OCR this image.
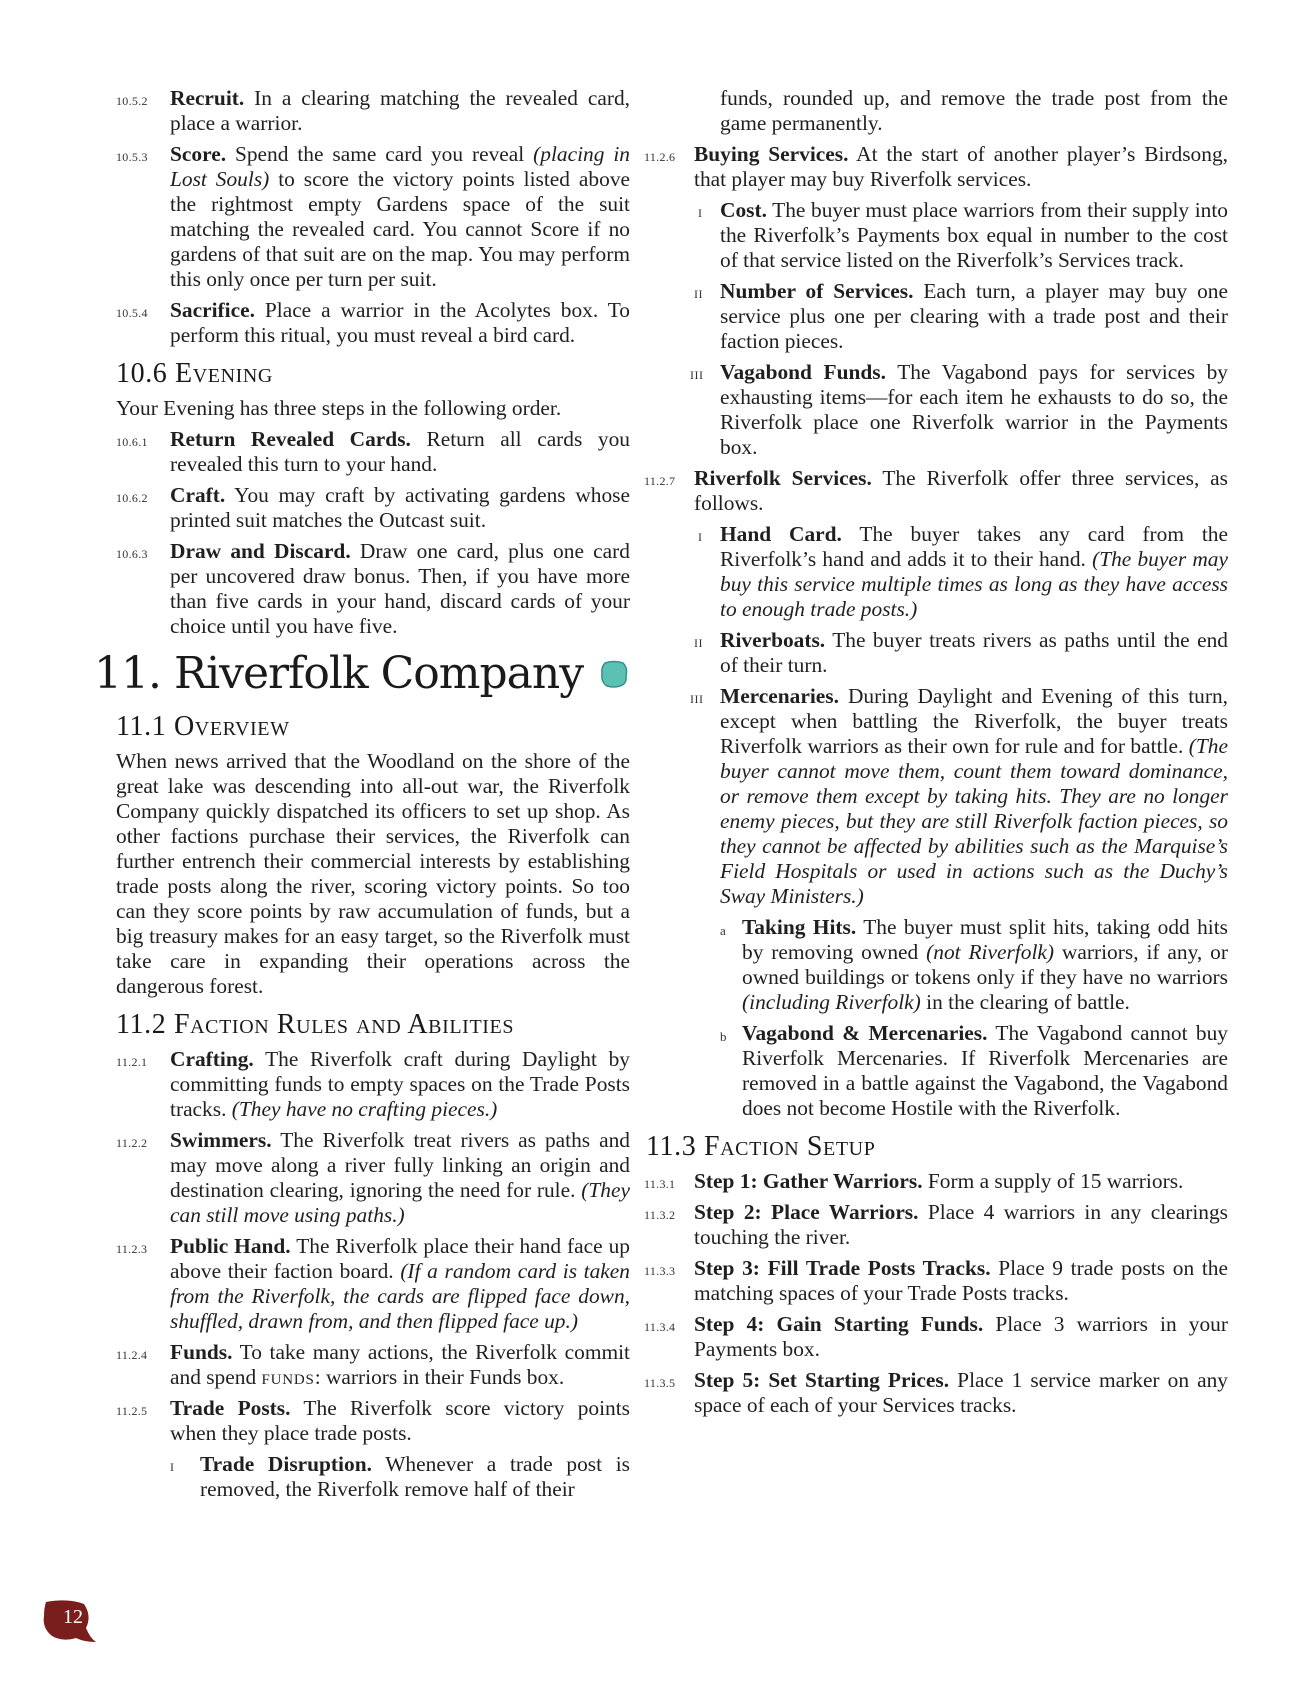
10.5.2 Recruit. In a clearing matching the revealed card, place a warrior.
10.5.3 Score. Spend the same card you reveal (placing in Lost Souls) to score the victory points listed above the rightmost empty Gardens space of the suit matching the revealed card. You cannot Score if no gardens of that suit are on the map. You may perform this only once per turn per suit.
10.5.4 Sacrifice. Place a warrior in the Acolytes box. To perform this ritual, you must reveal a bird card.
10.6 Evening
Your Evening has three steps in the following order.
10.6.1 Return Revealed Cards. Return all cards you revealed this turn to your hand.
10.6.2 Craft. You may craft by activating gardens whose printed suit matches the Outcast suit.
10.6.3 Draw and Discard. Draw one card, plus one card per uncovered draw bonus. Then, if you have more than five cards in your hand, discard cards of your choice until you have five.
11. Riverfolk Company
11.1 Overview
When news arrived that the Woodland on the shore of the great lake was descending into all-out war, the Riverfolk Company quickly dispatched its officers to set up shop. As other factions purchase their services, the Riverfolk can further entrench their commercial interests by establishing trade posts along the river, scoring victory points. So too can they score points by raw accumulation of funds, but a big treasury makes for an easy target, so the Riverfolk must take care in expanding their operations across the dangerous forest.
11.2 Faction Rules and Abilities
11.2.1 Crafting. The Riverfolk craft during Daylight by committing funds to empty spaces on the Trade Posts tracks. (They have no crafting pieces.)
11.2.2 Swimmers. The Riverfolk treat rivers as paths and may move along a river fully linking an origin and destination clearing, ignoring the need for rule. (They can still move using paths.)
11.2.3 Public Hand. The Riverfolk place their hand face up above their faction board. (If a random card is taken from the Riverfolk, the cards are flipped face down, shuffled, drawn from, and then flipped face up.)
11.2.4 Funds. To take many actions, the Riverfolk commit and spend funds: warriors in their Funds box.
11.2.5 Trade Posts. The Riverfolk score victory points when they place trade posts.
I Trade Disruption. Whenever a trade post is removed, the Riverfolk remove half of their
funds, rounded up, and remove the trade post from the game permanently.
11.2.6 Buying Services. At the start of another player’s Birdsong, that player may buy Riverfolk services.
I Cost. The buyer must place warriors from their supply into the Riverfolk’s Payments box equal in number to the cost of that service listed on the Riverfolk’s Services track.
II Number of Services. Each turn, a player may buy one service plus one per clearing with a trade post and their faction pieces.
III Vagabond Funds. The Vagabond pays for services by exhausting items—for each item he exhausts to do so, the Riverfolk place one Riverfolk warrior in the Payments box.
11.2.7 Riverfolk Services. The Riverfolk offer three services, as follows.
I Hand Card. The buyer takes any card from the Riverfolk’s hand and adds it to their hand. (The buyer may buy this service multiple times as long as they have access to enough trade posts.)
II Riverboats. The buyer treats rivers as paths until the end of their turn.
III Mercenaries. During Daylight and Evening of this turn, except when battling the Riverfolk, the buyer treats Riverfolk warriors as their own for rule and for battle. (The buyer cannot move them, count them toward dominance, or remove them except by taking hits. They are no longer enemy pieces, but they are still Riverfolk faction pieces, so they cannot be affected by abilities such as the Marquise’s Field Hospitals or used in actions such as the Duchy’s Sway Ministers.)
a Taking Hits. The buyer must split hits, taking odd hits by removing owned (not Riverfolk) warriors, if any, or owned buildings or tokens only if they have no warriors (including Riverfolk) in the clearing of battle.
b Vagabond & Mercenaries. The Vagabond cannot buy Riverfolk Mercenaries. If Riverfolk Mercenaries are removed in a battle against the Vagabond, the Vagabond does not become Hostile with the Riverfolk.
11.3 Faction Setup
11.3.1 Step 1: Gather Warriors. Form a supply of 15 warriors.
11.3.2 Step 2: Place Warriors. Place 4 warriors in any clearings touching the river.
11.3.3 Step 3: Fill Trade Posts Tracks. Place 9 trade posts on the matching spaces of your Trade Posts tracks.
11.3.4 Step 4: Gain Starting Funds. Place 3 warriors in your Payments box.
11.3.5 Step 5: Set Starting Prices. Place 1 service marker on any space of each of your Services tracks.
12
